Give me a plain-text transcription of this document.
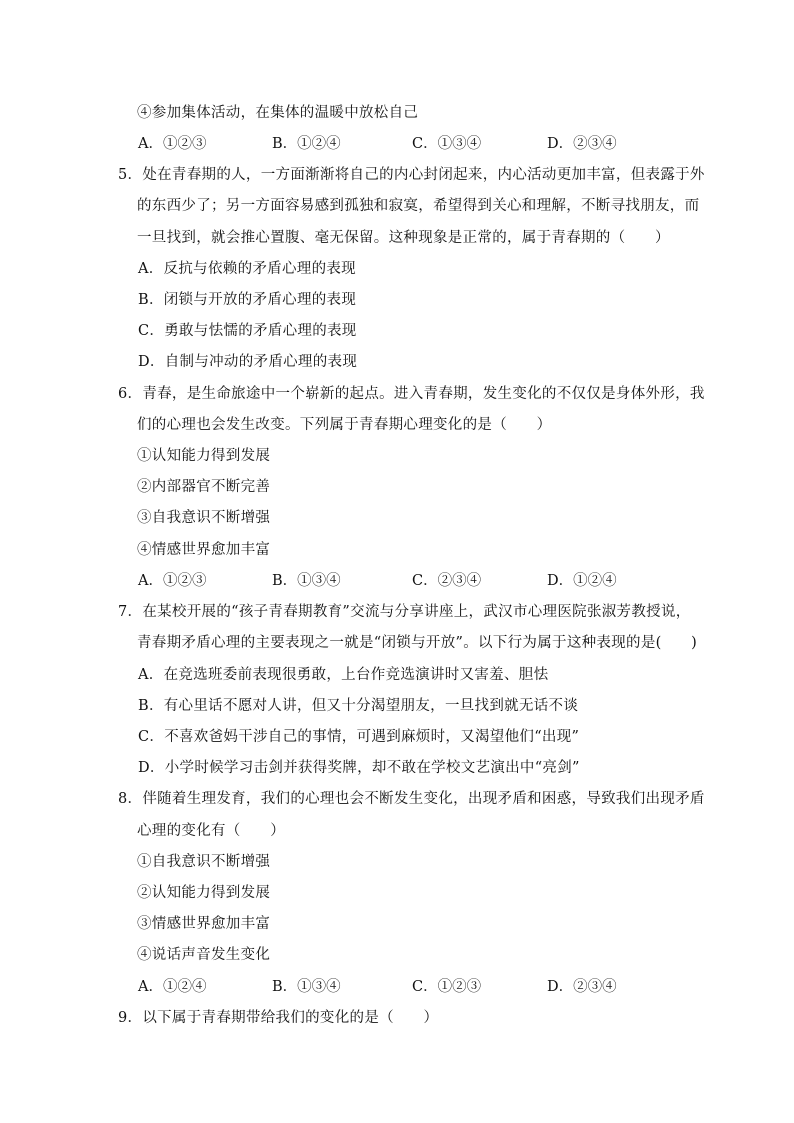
④参加集体活动，在集体的温暖中放松自己
A．①②③	B．①②④	C．①③④	D．②③④
5．处在青春期的人，一方面渐渐将自己的内心封闭起来，内心活动更加丰富，但表露于外
的东西少了；另一方面容易感到孤独和寂寞，希望得到关心和理解，不断寻找朋友，而
一旦找到，就会推心置腹、毫无保留。这种现象是正常的，属于青春期的（　　）
A．反抗与依赖的矛盾心理的表现
B．闭锁与开放的矛盾心理的表现
C．勇敢与怯懦的矛盾心理的表现
D．自制与冲动的矛盾心理的表现
6．青春，是生命旅途中一个崭新的起点。进入青春期，发生变化的不仅仅是身体外形，我
们的心理也会发生改变。下列属于青春期心理变化的是（　　）
①认知能力得到发展
②内部器官不断完善
③自我意识不断增强
④情感世界愈加丰富
A．①②③	B．①③④	C．②③④	D．①②④
7．在某校开展的“孩子青春期教育”交流与分享讲座上，武汉市心理医院张淑芳教授说，
青春期矛盾心理的主要表现之一就是“闭锁与开放”。以下行为属于这种表现的是(　　)
A．在竞选班委前表现很勇敢，上台作竞选演讲时又害羞、胆怯
B．有心里话不愿对人讲，但又十分渴望朋友，一旦找到就无话不谈
C．不喜欢爸妈干涉自己的事情，可遇到麻烦时，又渴望他们“出现”
D．小学时候学习击剑并获得奖牌，却不敢在学校文艺演出中“亮剑”
8．伴随着生理发育，我们的心理也会不断发生变化，出现矛盾和困惑，导致我们出现矛盾
心理的变化有（　　）
①自我意识不断增强
②认知能力得到发展
③情感世界愈加丰富
④说话声音发生变化
A．①②④	B．①③④	C．①②③	D．②③④
9．以下属于青春期带给我们的变化的是（　　）
